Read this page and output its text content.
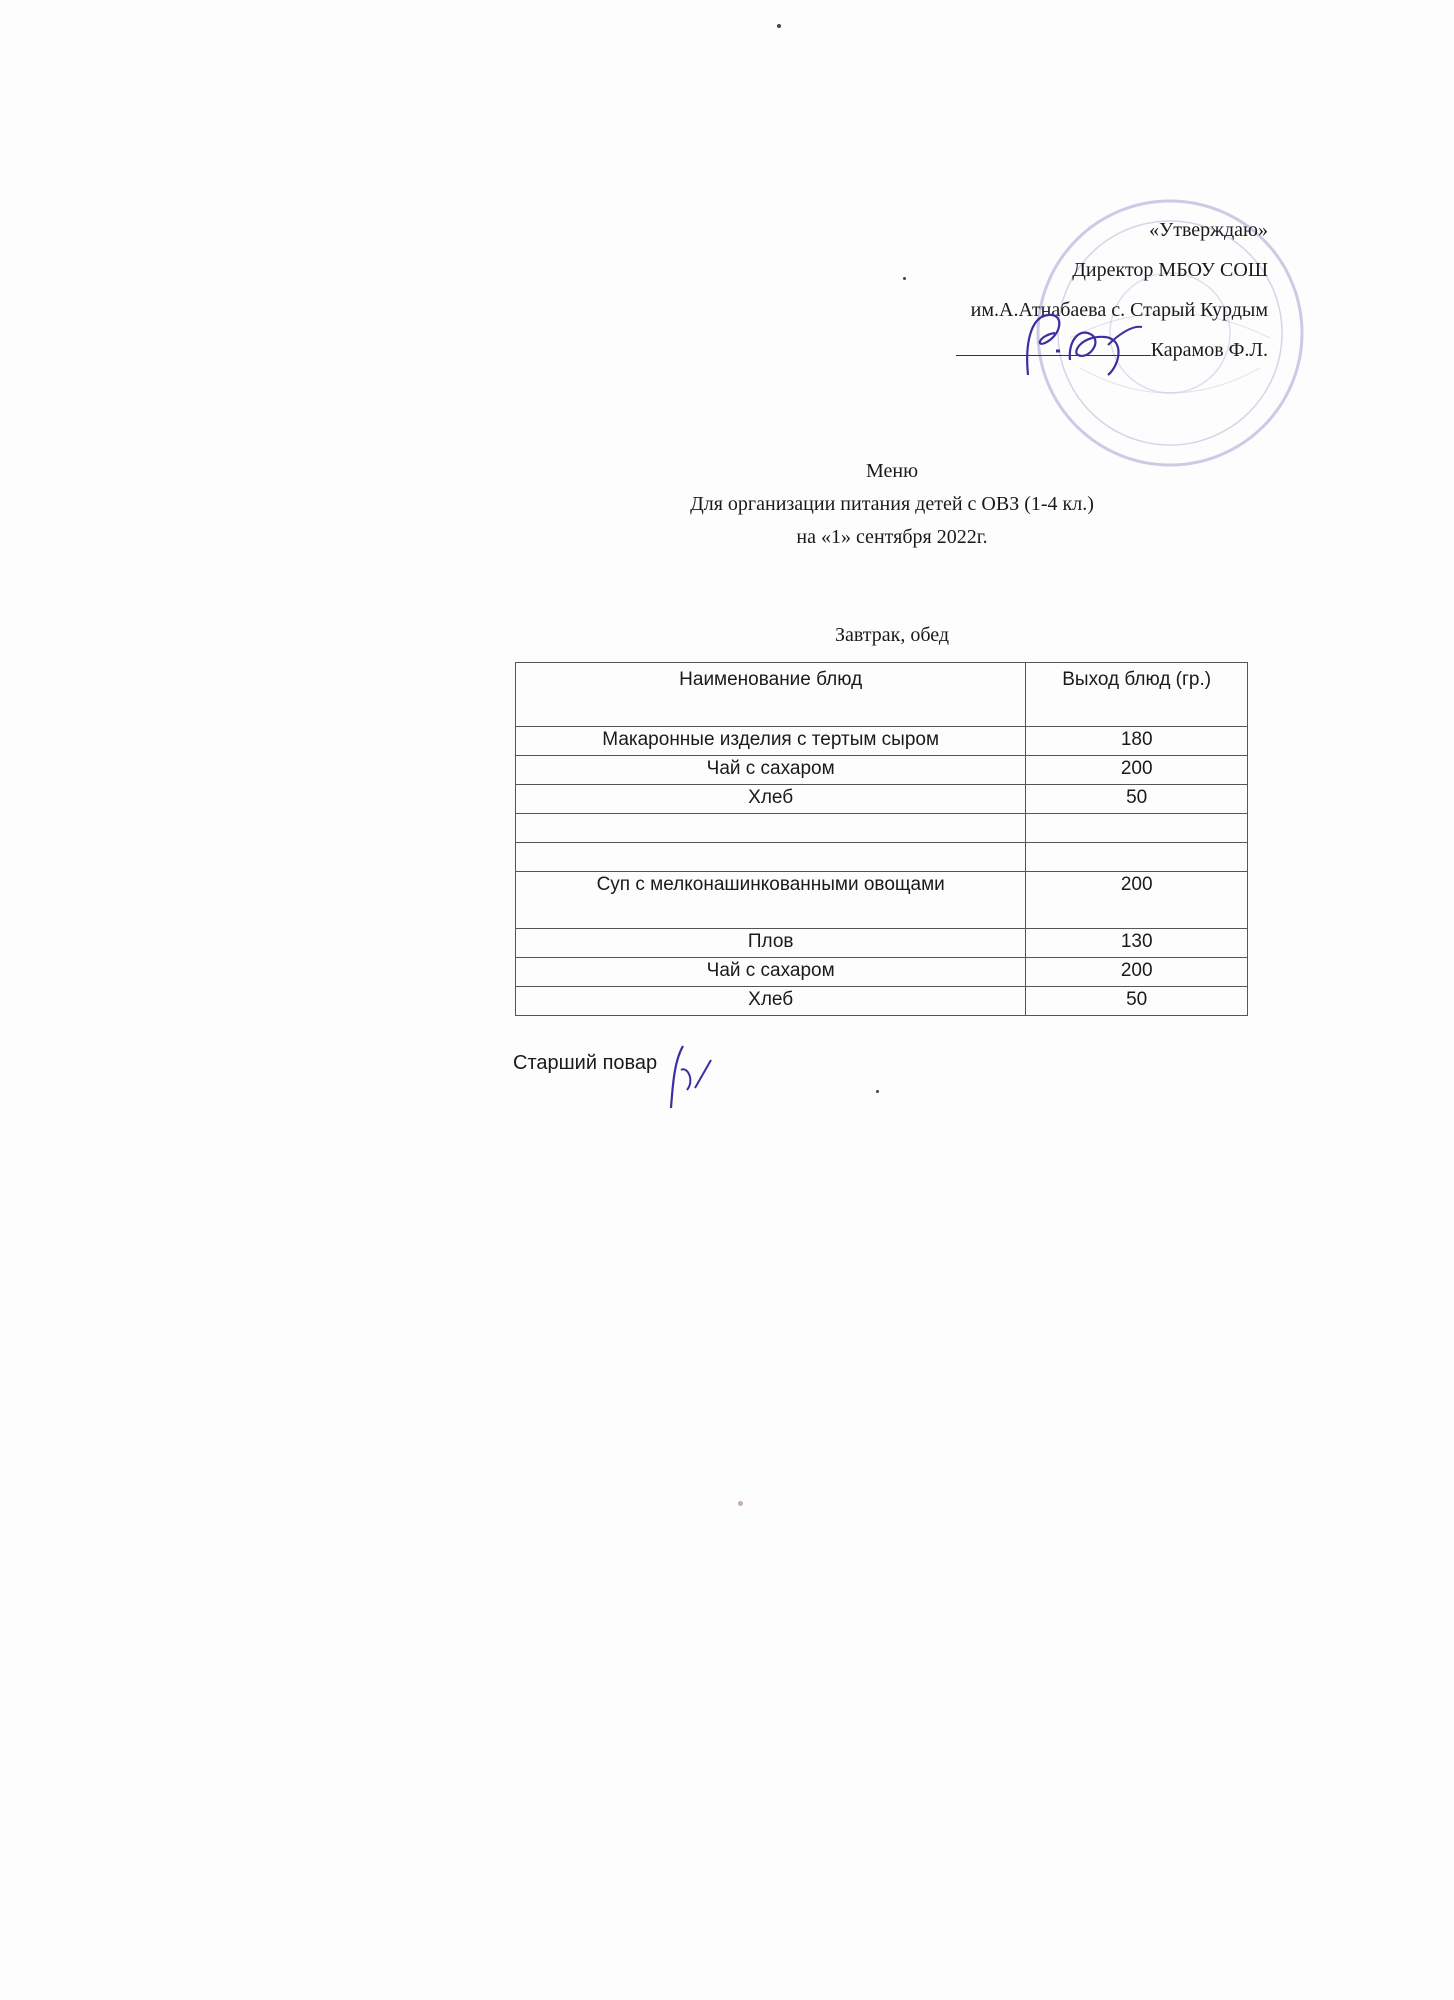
«Утверждаю»
Директор МБОУ СОШ
им.А.Атнабаева с. Старый Курдым
Карамов Ф.Л.
Меню
Для организации питания детей с ОВЗ (1-4 кл.)
на «1» сентября 2022г.
Завтрак, обед
Наименование блюд	Выход блюд (гр.)
Макаронные изделия с тертым сыром	180
Чай с сахаром	200
Хлеб	50

Суп с мелконашинкованными овощами	200
Плов	130
Чай с сахаром	200
Хлеб	50
Старший повар
